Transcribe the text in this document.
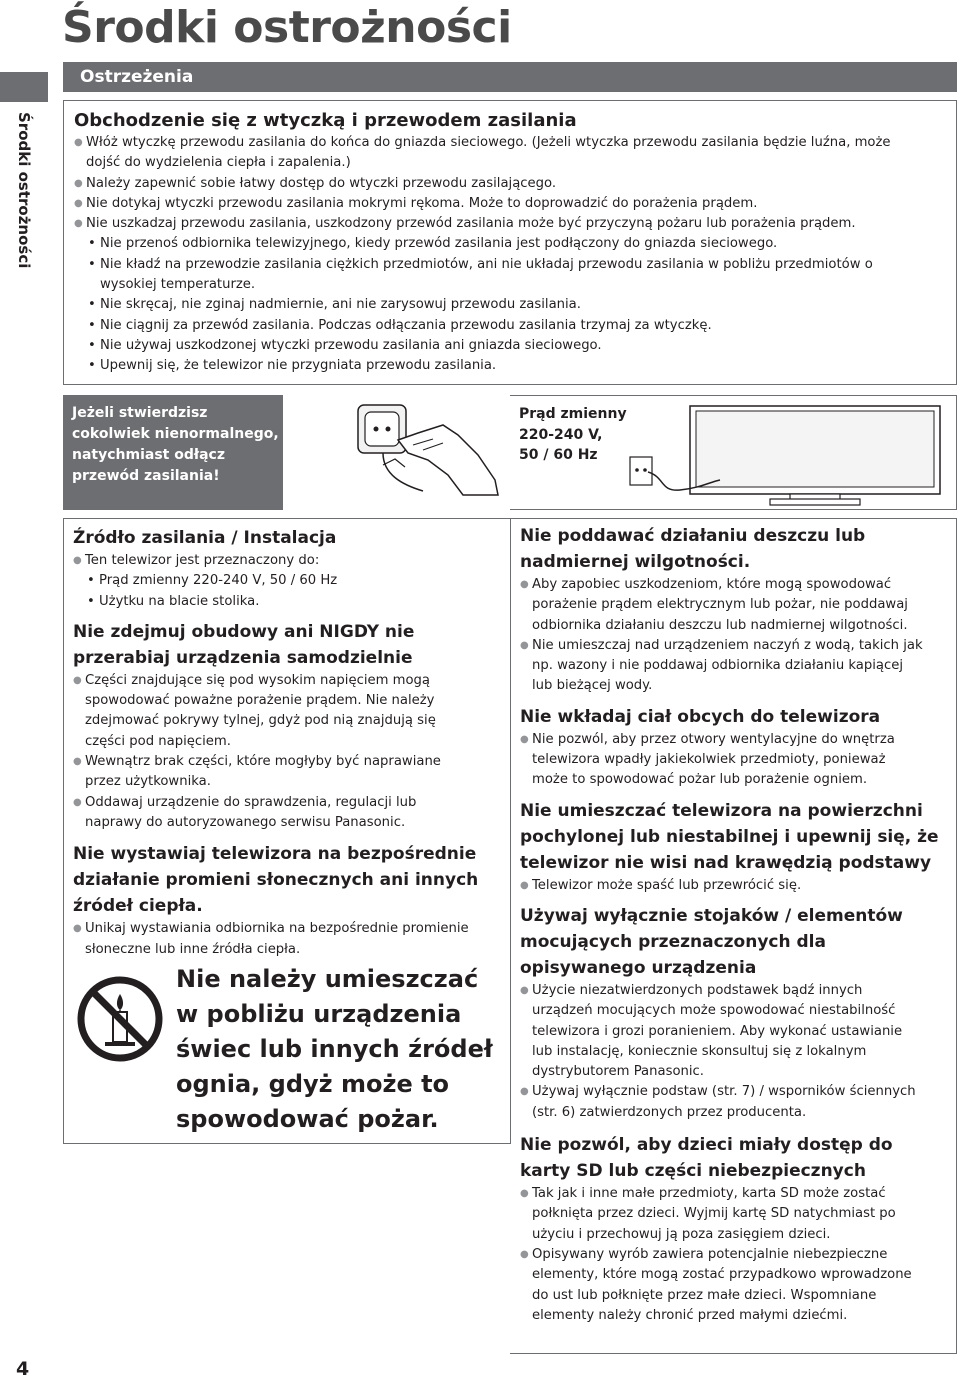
Środki ostrożności
Środki ostrożności
4
Ostrzeżenia
Obchodzenie się z wtyczką i przewodem zasilania
● Włóż wtyczkę przewodu zasilania do końca do gniazda sieciowego. (Jeżeli wtyczka przewodu zasilania będzie luźna, może
dojść do wydzielenia ciepła i zapalenia.)
● Należy zapewnić sobie łatwy dostęp do wtyczki przewodu zasilającego.
● Nie dotykaj wtyczki przewodu zasilania mokrymi rękoma. Może to doprowadzić do porażenia prądem.
● Nie uszkadzaj przewodu zasilania, uszkodzony przewód zasilania może być przyczyną pożaru lub porażenia prądem.
• Nie przenoś odbiornika telewizyjnego, kiedy przewód zasilania jest podłączony do gniazda sieciowego.
• Nie kładź na przewodzie zasilania ciężkich przedmiotów, ani nie układaj przewodu zasilania w pobliżu przedmiotów o
wysokiej temperaturze.
• Nie skręcaj, nie zginaj nadmiernie, ani nie zarysowuj przewodu zasilania.
• Nie ciągnij za przewód zasilania. Podczas odłączania przewodu zasilania trzymaj za wtyczkę.
• Nie używaj uszkodzonej wtyczki przewodu zasilania ani gniazda sieciowego.
• Upewnij się, że telewizor nie przygniata przewodu zasilania.
Jeżeli stwierdzisz
cokolwiek nienormalnego,
natychmiast odłącz
przewód zasilania!
Prąd zmienny
220-240 V,
50 / 60 Hz
Źródło zasilania / Instalacja
● Ten telewizor jest przeznaczony do:
• Prąd zmienny 220-240 V, 50 / 60 Hz
• Użytku na blacie stolika.
Nie zdejmuj obudowy ani NIGDY nie
przerabiaj urządzenia samodzielnie
● Części znajdujące się pod wysokim napięciem mogą
spowodować poważne porażenie prądem. Nie należy
zdejmować pokrywy tylnej, gdyż pod nią znajdują się
części pod napięciem.
● Wewnątrz brak części, które mogłyby być naprawiane
przez użytkownika.
● Oddawaj urządzenie do sprawdzenia, regulacji lub
naprawy do autoryzowanego serwisu Panasonic.
Nie wystawiaj telewizora na bezpośrednie
działanie promieni słonecznych ani innych
źródeł ciepła.
● Unikaj wystawiania odbiornika na bezpośrednie promienie
słoneczne lub inne źródła ciepła.
Nie należy umieszczać
w pobliżu urządzenia
świec lub innych źródeł
ognia, gdyż może to
spowodować pożar.
Nie poddawać działaniu deszczu lub
nadmiernej wilgotności.
● Aby zapobiec uszkodzeniom, które mogą spowodować
porażenie prądem elektrycznym lub pożar, nie poddawaj
odbiornika działaniu deszczu lub nadmiernej wilgotności.
● Nie umieszczaj nad urządzeniem naczyń z wodą, takich jak
np. wazony i nie poddawaj odbiornika działaniu kapiącej
lub bieżącej wody.
Nie wkładaj ciał obcych do telewizora
● Nie pozwól, aby przez otwory wentylacyjne do wnętrza
telewizora wpadły jakiekolwiek przedmioty, ponieważ
może to spowodować pożar lub porażenie ogniem.
Nie umieszczać telewizora na powierzchni
pochylonej lub niestabilnej i upewnij się, że
telewizor nie wisi nad krawędzią podstawy
● Telewizor może spaść lub przewrócić się.
Używaj wyłącznie stojaków / elementów
mocujących przeznaczonych dla
opisywanego urządzenia
● Użycie niezatwierdzonych podstawek bądź innych
urządzeń mocujących może spowodować niestabilność
telewizora i grozi poranieniem. Aby wykonać ustawianie
lub instalację, koniecznie skonsultuj się z lokalnym
dystrybutorem Panasonic.
● Używaj wyłącznie podstaw (str. 7) / wsporników ściennych
(str. 6) zatwierdzonych przez producenta.
Nie pozwól, aby dzieci miały dostęp do
karty SD lub części niebezpiecznych
● Tak jak i inne małe przedmioty, karta SD może zostać
połknięta przez dzieci. Wyjmij kartę SD natychmiast po
użyciu i przechowuj ją poza zasięgiem dzieci.
● Opisywany wyrób zawiera potencjalnie niebezpieczne
elementy, które mogą zostać przypadkowo wprowadzone
do ust lub połknięte przez małe dzieci. Wspomniane
elementy należy chronić przed małymi dziećmi.
